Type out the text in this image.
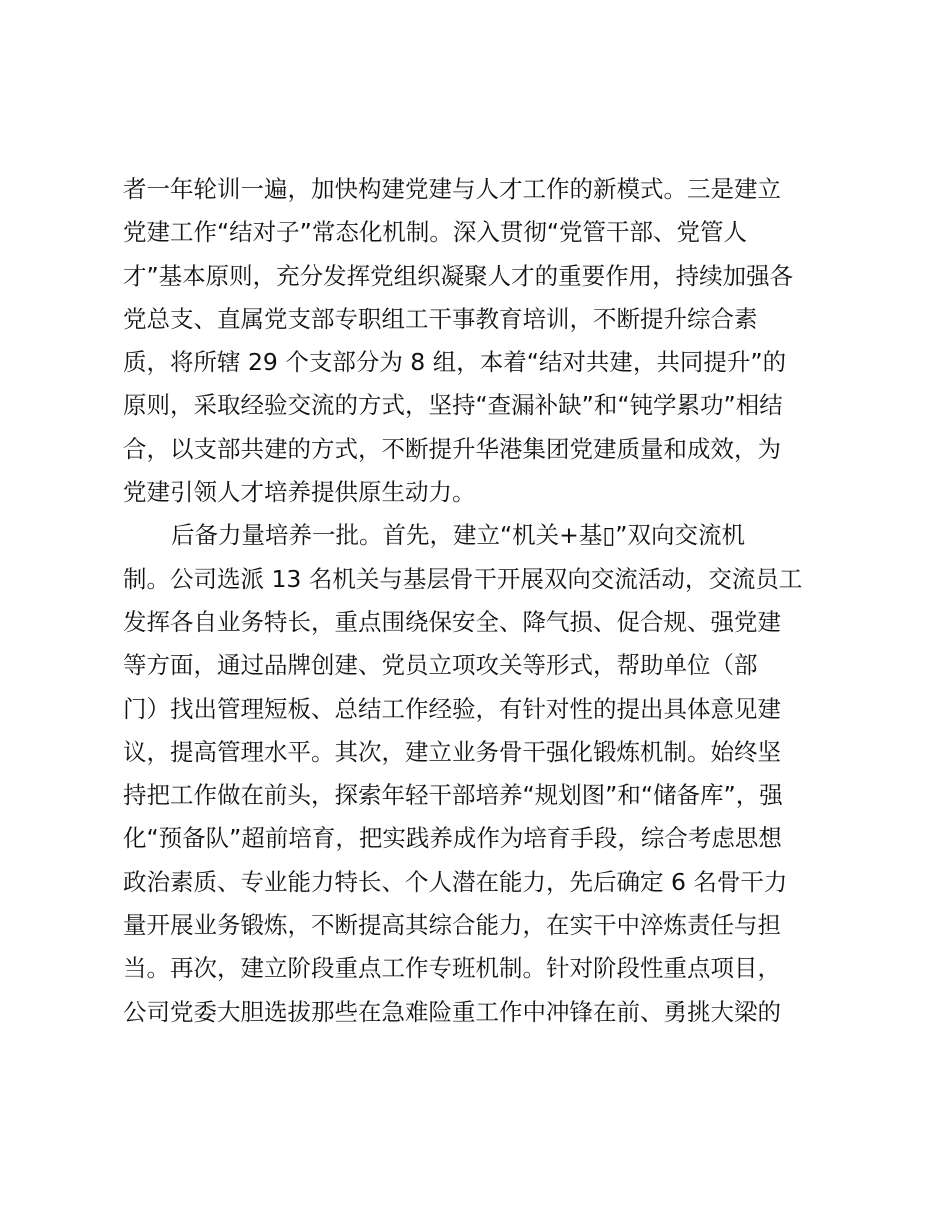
者一年轮训一遍，加快构建党建与人才工作的新模式。三是建立
党建工作“结对子”常态化机制。深入贯彻“党管干部、党管人
才”基本原则，充分发挥党组织凝聚人才的重要作用，持续加强各
党总支、直属党支部专职组工干事教育培训，不断提升综合素
质，将所辖 29 个支部分为 8 组，本着“结对共建，共同提升”的
原则，采取经验交流的方式，坚持“查漏补缺”和“钝学累功”相结
合，以支部共建的方式，不断提升华港集团党建质量和成效，为
党建引领人才培养提供原生动力。
后备力量培养一批。首先，建立“机关+基▯”双向交流机
制。公司选派 13 名机关与基层骨干开展双向交流活动，交流员工
发挥各自业务特长，重点围绕保安全、降气损、促合规、强党建
等方面，通过品牌创建、党员立项攻关等形式，帮助单位（部
门）找出管理短板、总结工作经验，有针对性的提出具体意见建
议，提高管理水平。其次，建立业务骨干强化锻炼机制。始终坚
持把工作做在前头，探索年轻干部培养“规划图”和“储备库”，强
化“预备队”超前培育，把实践养成作为培育手段，综合考虑思想
政治素质、专业能力特长、个人潜在能力，先后确定 6 名骨干力
量开展业务锻炼，不断提高其综合能力，在实干中淬炼责任与担
当。再次，建立阶段重点工作专班机制。针对阶段性重点项目，
公司党委大胆选拔那些在急难险重工作中冲锋在前、勇挑大梁的
